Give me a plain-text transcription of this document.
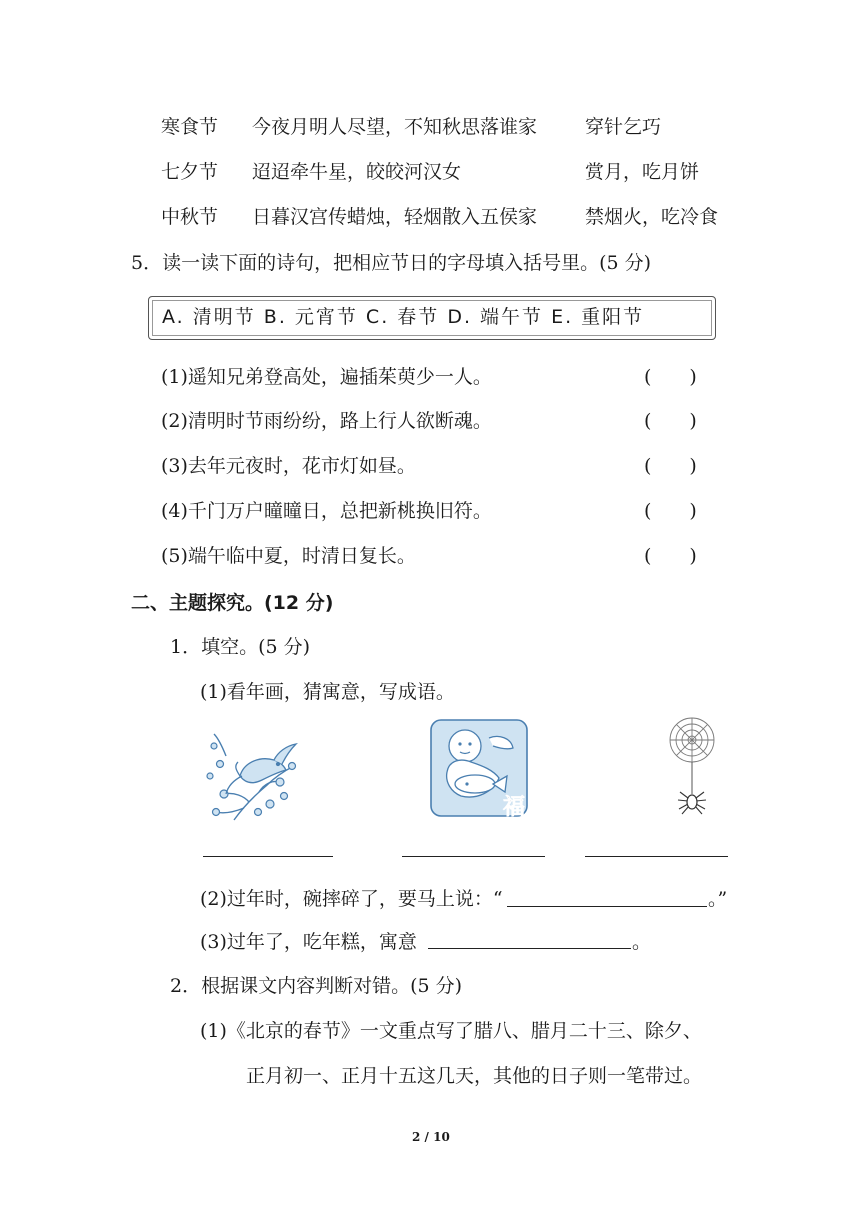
寒食节 今夜月明人尽望，不知秋思落谁家	穿针乞巧
七夕节 迢迢牵牛星，皎皎河汉女	赏月，吃月饼
中秋节 日暮汉宫传蜡烛，轻烟散入五侯家	禁烟火，吃冷食
5．读一读下面的诗句，把相应节日的字母填入括号里。(5 分)
A. 清明节 B. 元宵节 C. 春节 D. 端午节 E. 重阳节
(1)遥知兄弟登高处，遍插茱萸少一人。	(　　)
(2)清明时节雨纷纷，路上行人欲断魂。	(　　)
(3)去年元夜时，花市灯如昼。	(　　)
(4)千门万户曈曈日，总把新桃换旧符。	(　　)
(5)端午临中夏，时清日复长。	(　　)
二、主题探究。(12 分)
1．填空。(5 分)
(1)看年画，猜寓意，写成语。
福
(2)过年时，碗摔碎了，要马上说：“	。”
(3)过年了，吃年糕，寓意	。
2．根据课文内容判断对错。(5 分)
(1)《北京的春节》一文重点写了腊八、腊月二十三、除夕、
正月初一、正月十五这几天，其他的日子则一笔带过。
2 / 10
